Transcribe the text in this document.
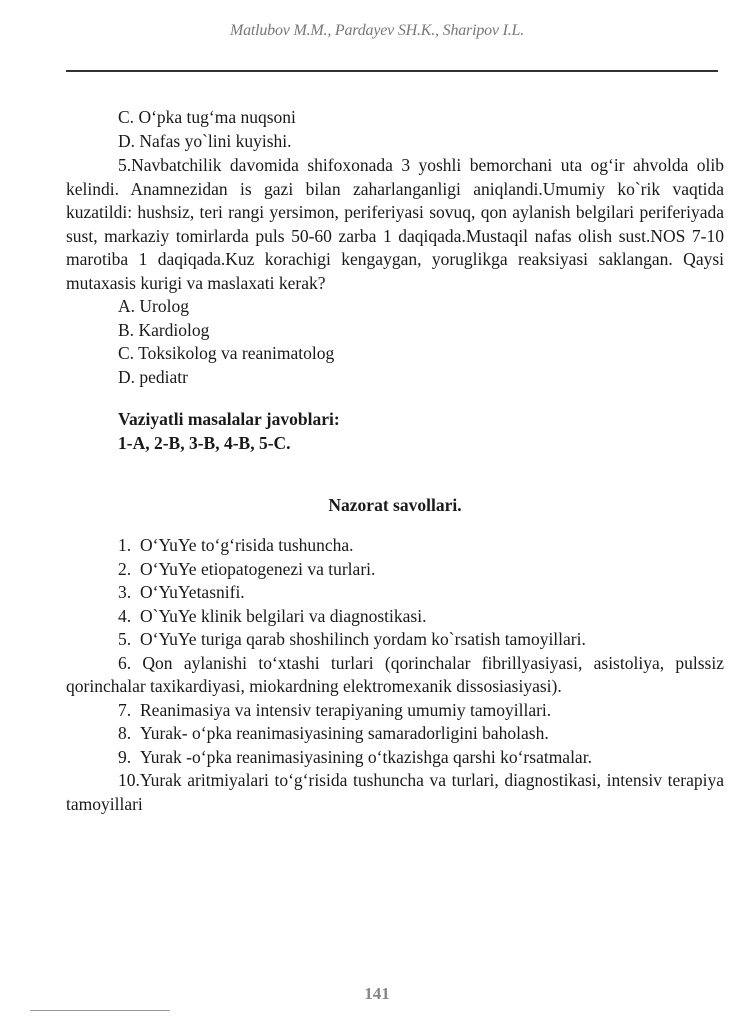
Matlubov M.M., Pardayev SH.K., Sharipov I.L.
C. O‘pka tug‘ma nuqsoni
D. Nafas yo`lini kuyishi.
5.Navbatchilik davomida shifoxonada 3 yoshli bemorchani uta og‘ir ahvolda olib kelindi. Anamnezidan is gazi bilan zaharlanganligi aniqlandi.Umumiy ko`rik vaqtida kuzatildi: hushsiz, teri rangi yersimon, periferiyasi sovuq, qon aylanish belgilari periferiyada sust, markaziy tomirlarda puls 50-60 zarba 1 daqiqada.Mustaqil nafas olish sust.NOS 7-10 marotiba 1 daqiqada.Kuz korachigi kengaygan, yoruglikga reaksiyasi saklangan. Qaysi mutaxasis kurigi va maslaxati kerak?
A. Urolog
B. Kardiolog
C. Toksikolog va reanimatolog
D. pediatr
Vaziyatli masalalar javoblari:
1-A, 2-B, 3-B, 4-B, 5-C.
Nazorat savollari.
1. O‘YuYe to‘g‘risida tushuncha.
2. O‘YuYe etiopatogenezi va turlari.
3. O‘YuYetasnifi.
4. O`YuYe klinik belgilari va diagnostikasi.
5. O‘YuYe turiga qarab shoshilinch yordam ko`rsatish tamoyillari.
6. Qon aylanishi to‘xtashi turlari (qorinchalar fibrillyasiyasi, asistoliya, pulssiz qorinchalar taxikardiyasi, miokardning elektromexanik dissosiasiyasi).
7. Reanimasiya va intensiv terapiyaning umumiy tamoyillari.
8. Yurak- o‘pka reanimasiyasining samaradorligini baholash.
9. Yurak -o‘pka reanimasiyasining o‘tkazishga qarshi ko‘rsatmalar.
10.Yurak aritmiyalari to‘g‘risida tushuncha va turlari, diagnostikasi, intensiv terapiya tamoyillari
141
